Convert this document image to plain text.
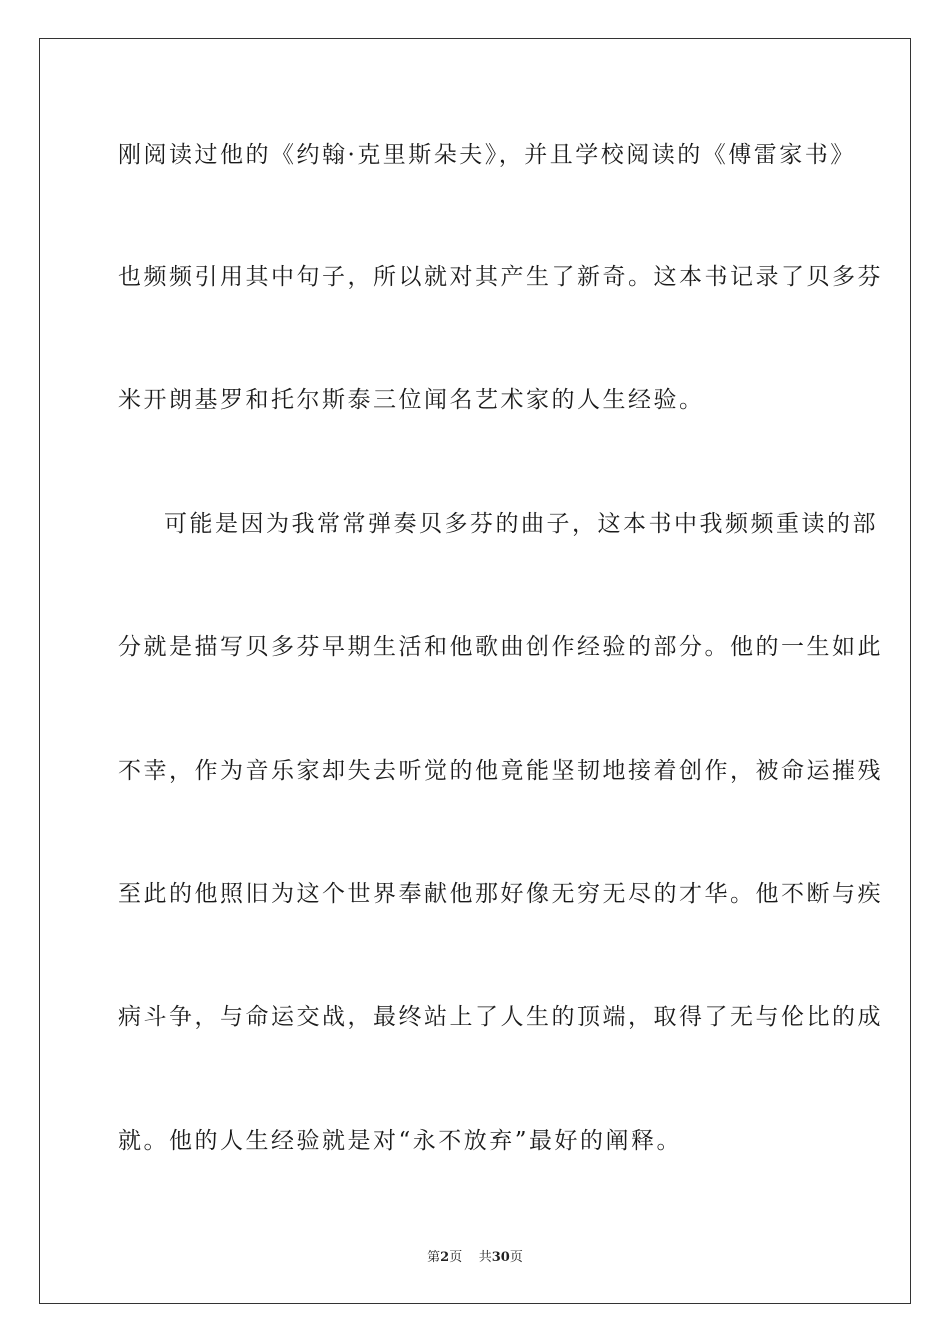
刚阅读过他的《约翰·克里斯朵夫》，并且学校阅读的《傅雷家书》
也频频引用其中句子，所以就对其产生了新奇。这本书记录了贝多芬
米开朗基罗和托尔斯泰三位闻名艺术家的人生经验。
可能是因为我常常弹奏贝多芬的曲子，这本书中我频频重读的部
分就是描写贝多芬早期生活和他歌曲创作经验的部分。他的一生如此
不幸，作为音乐家却失去听觉的他竟能坚韧地接着创作，被命运摧残
至此的他照旧为这个世界奉献他那好像无穷无尽的才华。他不断与疾
病斗争，与命运交战，最终站上了人生的顶端，取得了无与伦比的成
就。他的人生经验就是对“永不放弃”最好的阐释。
第2页 共30页
